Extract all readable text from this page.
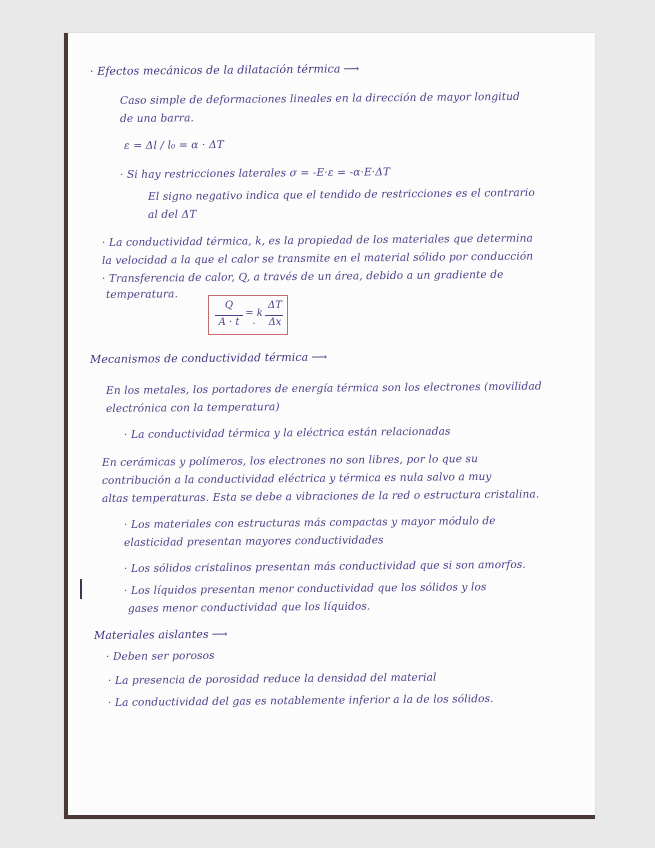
· Efectos mecánicos de la dilatación térmica ⟶
Caso simple de deformaciones lineales en la dirección de mayor longitud
de una barra.
ε = Δl / l₀ = α · ΔT
· Si hay restricciones laterales σ = -E·ε = -α·E·ΔT
El signo negativo indica que el tendido de restricciones es el contrario
al del ΔT
· La conductividad térmica, k, es la propiedad de los materiales que determina
la velocidad a la que el calor se transmite en el material sólido por conducción
· Transferencia de calor, Q, a través de un área, debido a un gradiente de
temperatura.
Q
A · t
= k ·
ΔT
Δx
Mecanismos de conductividad térmica ⟶
En los metales, los portadores de energía térmica son los electrones (movilidad
electrónica con la temperatura)
· La conductividad térmica y la eléctrica están relacionadas
En cerámicas y polímeros, los electrones no son libres, por lo que su
contribución a la conductividad eléctrica y térmica es nula salvo a muy
altas temperaturas. Esta se debe a vibraciones de la red o estructura cristalina.
· Los materiales con estructuras más compactas y mayor módulo de
elasticidad presentan mayores conductividades
· Los sólidos cristalinos presentan más conductividad que si son amorfos.
· Los líquidos presentan menor conductividad que los sólidos y los
gases menor conductividad que los líquidos.
Materiales aislantes ⟶
· Deben ser porosos
· La presencia de porosidad reduce la densidad del material
· La conductividad del gas es notablemente inferior a la de los sólidos.
